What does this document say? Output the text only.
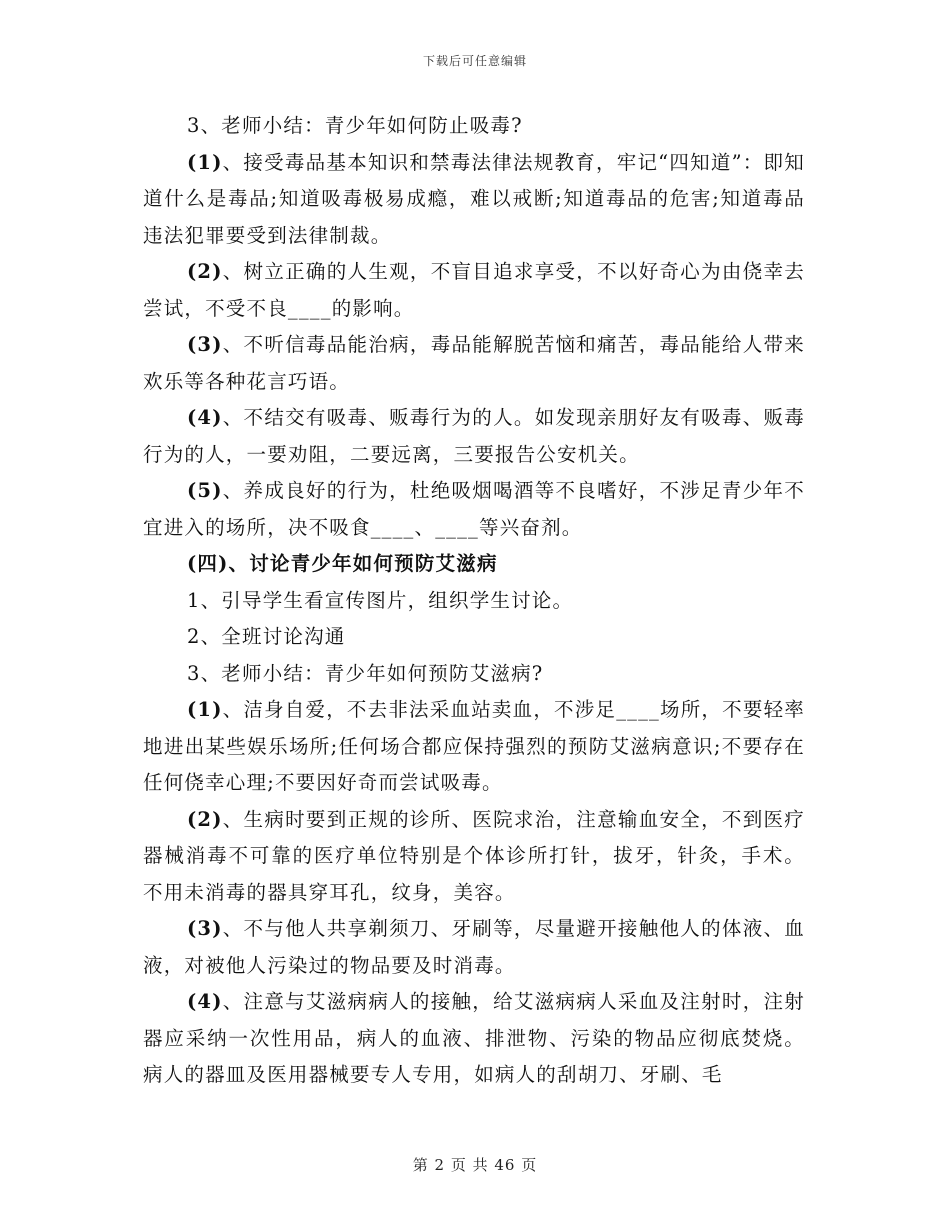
下载后可任意编辑

3、老师小结：青少年如何防止吸毒?

(1)、接受毒品基本知识和禁毒法律法规教育，牢记“四知道”：即知道什么是毒品;知道吸毒极易成瘾，难以戒断;知道毒品的危害;知道毒品违法犯罪要受到法律制裁。

(2)、树立正确的人生观，不盲目追求享受，不以好奇心为由侥幸去尝试，不受不良____的影响。

(3)、不听信毒品能治病，毒品能解脱苦恼和痛苦，毒品能给人带来欢乐等各种花言巧语。

(4)、不结交有吸毒、贩毒行为的人。如发现亲朋好友有吸毒、贩毒行为的人，一要劝阻，二要远离，三要报告公安机关。

(5)、养成良好的行为，杜绝吸烟喝酒等不良嗜好，不涉足青少年不宜进入的场所，决不吸食____、____等兴奋剂。

(四)、讨论青少年如何预防艾滋病

1、引导学生看宣传图片，组织学生讨论。

2、全班讨论沟通

3、老师小结：青少年如何预防艾滋病?

(1)、洁身自爱，不去非法采血站卖血，不涉足____场所，不要轻率地进出某些娱乐场所;任何场合都应保持强烈的预防艾滋病意识;不要存在任何侥幸心理;不要因好奇而尝试吸毒。

(2)、生病时要到正规的诊所、医院求治，注意输血安全，不到医疗器械消毒不可靠的医疗单位特别是个体诊所打针，拔牙，针灸，手术。不用未消毒的器具穿耳孔，纹身，美容。

(3)、不与他人共享剃须刀、牙刷等，尽量避开接触他人的体液、血液，对被他人污染过的物品要及时消毒。

(4)、注意与艾滋病病人的接触，给艾滋病病人采血及注射时，注射器应采纳一次性用品，病人的血液、排泄物、污染的物品应彻底焚烧。病人的器皿及医用器械要专人专用，如病人的刮胡刀、牙刷、毛

第 2 页 共 46 页
